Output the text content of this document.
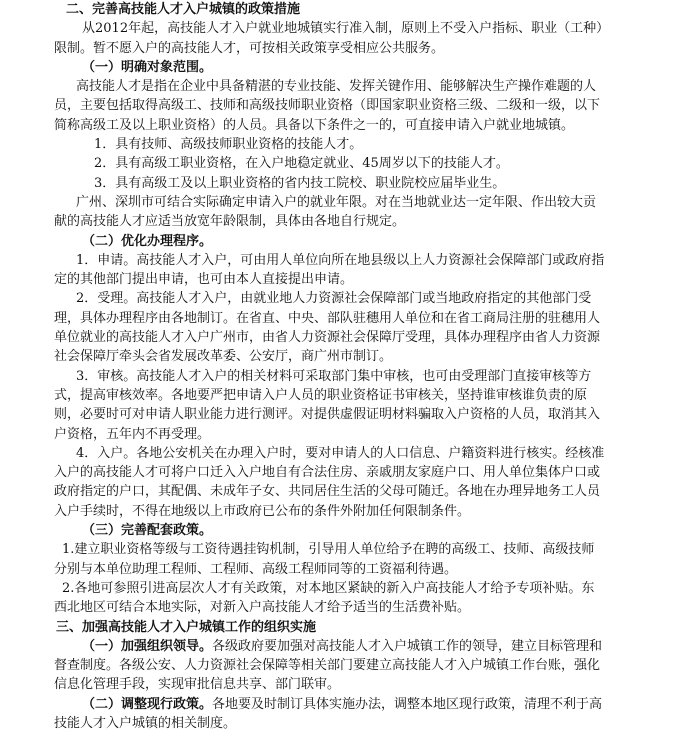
二、完善高技能人才入户城镇的政策措施
从2012年起，高技能人才入户就业地城镇实行准入制，原则上不受入户指标、职业（工种）
限制。暂不愿入户的高技能人才，可按相关政策享受相应公共服务。
（一）明确对象范围。
高技能人才是指在企业中具备精湛的专业技能、发挥关键作用、能够解决生产操作难题的人
员，主要包括取得高级工、技师和高级技师职业资格（即国家职业资格三级、二级和一级，以下
简称高级工及以上职业资格）的人员。具备以下条件之一的，可直接申请入户就业地城镇。
1．具有技师、高级技师职业资格的技能人才。
2．具有高级工职业资格，在入户地稳定就业、45周岁以下的技能人才。
3．具有高级工及以上职业资格的省内技工院校、职业院校应届毕业生。
广州、深圳市可结合实际确定申请入户的就业年限。对在当地就业达一定年限、作出较大贡
献的高技能人才应适当放宽年龄限制，具体由各地自行规定。
（二）优化办理程序。
1．申请。高技能人才入户，可由用人单位向所在地县级以上人力资源社会保障部门或政府指
定的其他部门提出申请，也可由本人直接提出申请。
2．受理。高技能人才入户，由就业地人力资源社会保障部门或当地政府指定的其他部门受
理，具体办理程序由各地制订。在省直、中央、部队驻穗用人单位和在省工商局注册的驻穗用人
单位就业的高技能人才入户广州市，由省人力资源社会保障厅受理，具体办理程序由省人力资源
社会保障厅牵头会省发展改革委、公安厅，商广州市制订。
3．审核。高技能人才入户的相关材料可采取部门集中审核，也可由受理部门直接审核等方
式，提高审核效率。各地要严把申请入户人员的职业资格证书审核关，坚持谁审核谁负责的原
则，必要时可对申请人职业能力进行测评。对提供虚假证明材料骗取入户资格的人员，取消其入
户资格，五年内不再受理。
4．入户。各地公安机关在办理入户时，要对申请人的人口信息、户籍资料进行核实。经核准
入户的高技能人才可将户口迁入入户地自有合法住房、亲戚朋友家庭户口、用人单位集体户口或
政府指定的户口，其配偶、未成年子女、共同居住生活的父母可随迁。各地在办理异地务工人员
入户手续时，不得在地级以上市政府已公布的条件外附加任何限制条件。
（三）完善配套政策。
1.建立职业资格等级与工资待遇挂钩机制，引导用人单位给予在聘的高级工、技师、高级技师
分别与本单位助理工程师、工程师、高级工程师同等的工资福利待遇。
2.各地可参照引进高层次人才有关政策，对本地区紧缺的新入户高技能人才给予专项补贴。东
西北地区可结合本地实际，对新入户高技能人才给予适当的生活费补贴。
三、加强高技能人才入户城镇工作的组织实施
（一）加强组织领导。各级政府要加强对高技能人才入户城镇工作的领导，建立目标管理和
督查制度。各级公安、人力资源社会保障等相关部门要建立高技能人才入户城镇工作台账，强化
信息化管理手段，实现审批信息共享、部门联审。
（二）调整现行政策。各地要及时制订具体实施办法，调整本地区现行政策，清理不利于高
技能人才入户城镇的相关制度。
